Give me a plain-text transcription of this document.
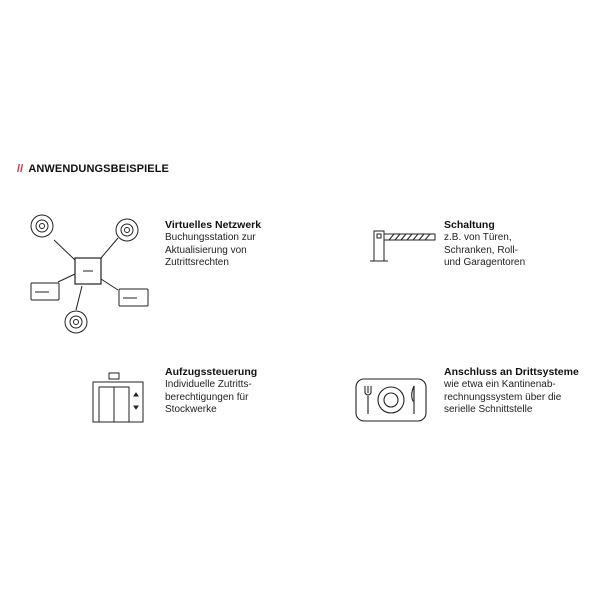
// ANWENDUNGSBEISPIELE
Virtuelles Netzwerk
Buchungsstation zur
Aktualisierung von
Zutrittsrechten
Schaltung
z.B. von Türen,
Schranken, Roll-
und Garagentoren
Aufzugssteuerung
Individuelle Zutritts-
berechtigungen für
Stockwerke
Anschluss an Drittsysteme
wie etwa ein Kantinenab-
rechnungssystem über die
serielle Schnittstelle
